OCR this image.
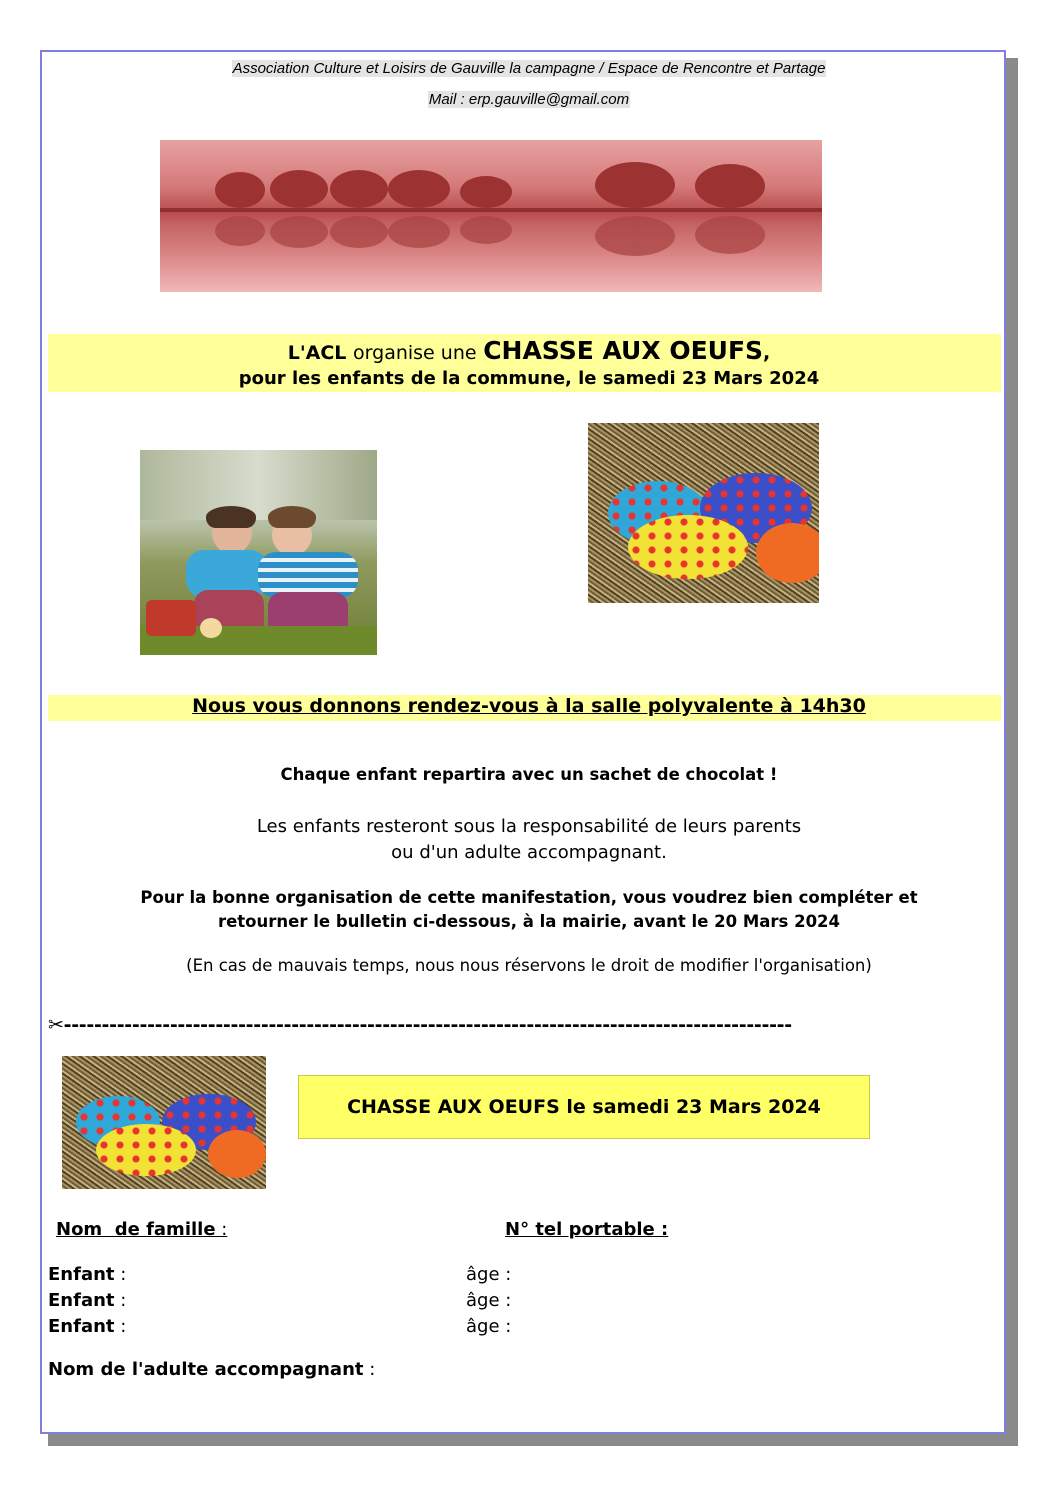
Association Culture et Loisirs de Gauville la campagne / Espace de Rencontre et Partage
Mail : erp.gauville@gmail.com
L'ACL organise une CHASSE AUX OEUFS,
pour les enfants de la commune, le samedi 23 Mars 2024
Nous vous donnons rendez-vous à la salle polyvalente à 14h30
Chaque enfant repartira avec un sachet de chocolat !
Les enfants resteront sous la responsabilité de leurs parents
ou d'un adulte accompagnant.
Pour la bonne organisation de cette manifestation, vous voudrez bien compléter et
retourner le bulletin ci-dessous, à la mairie, avant le 20 Mars 2024
(En cas de mauvais temps, nous nous réservons le droit de modifier l'organisation)
✂------------------------------------------------------------------------------------------------
CHASSE AUX OEUFS le samedi 23 Mars 2024
Nom  de famille :	N° tel portable :
Enfant :	âge :
Enfant :	âge :
Enfant :	âge :
Nom de l'adulte accompagnant :
